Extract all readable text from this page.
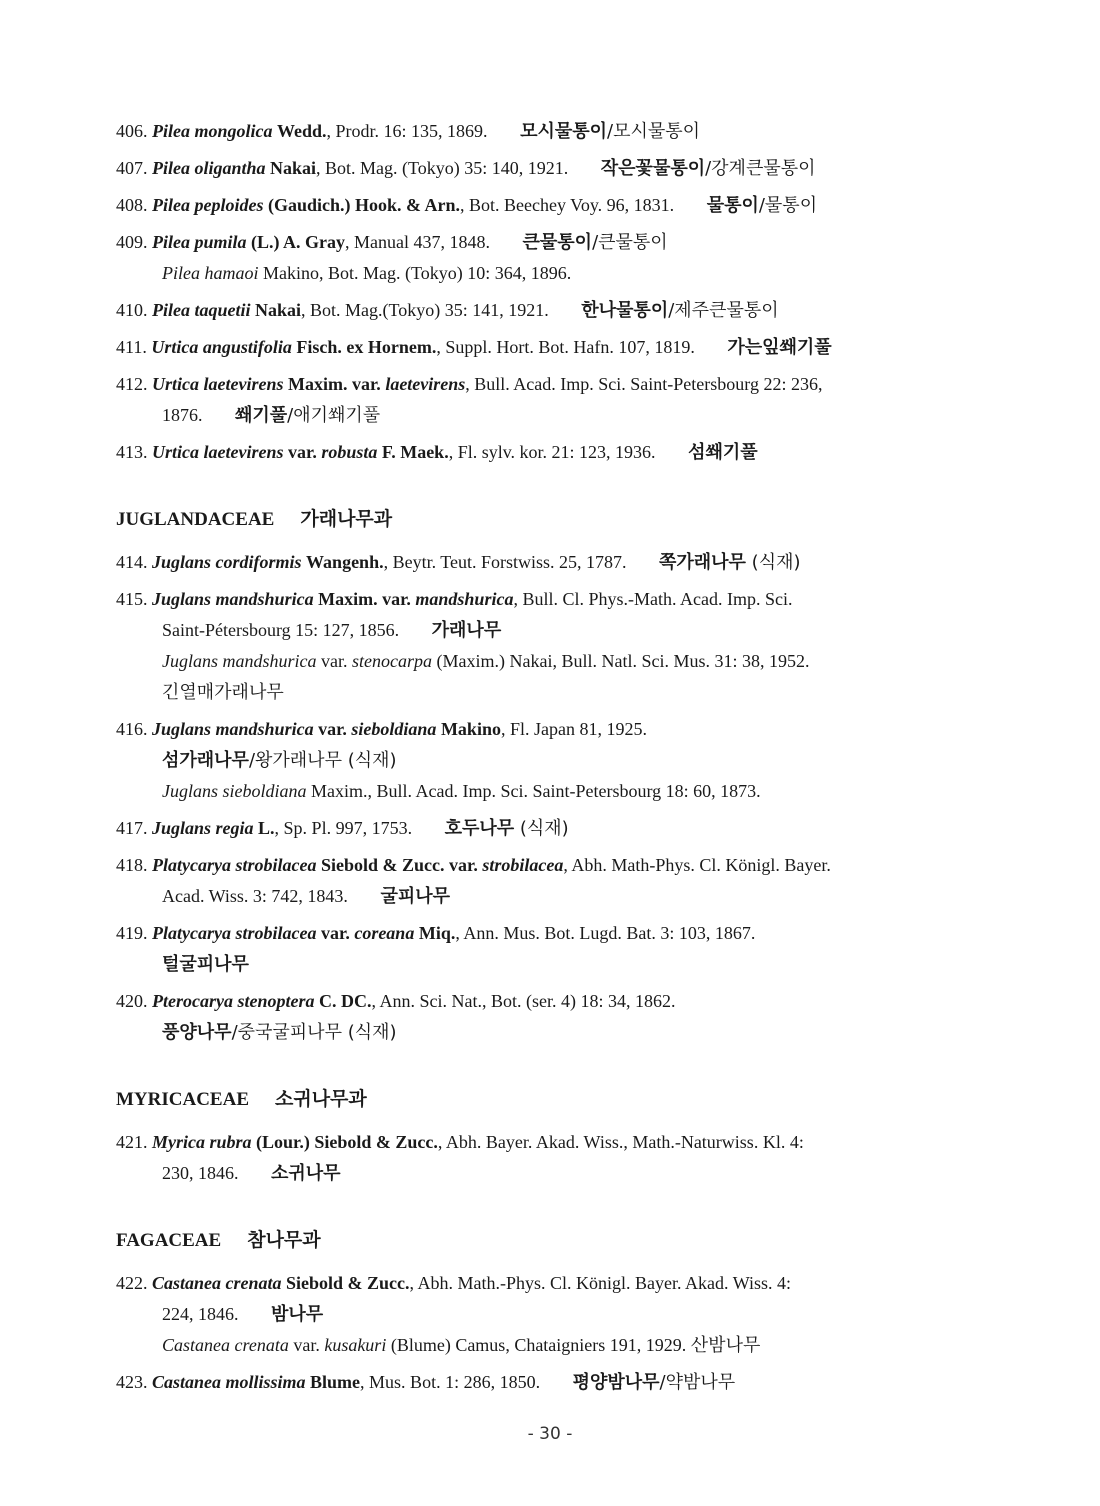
406. Pilea mongolica Wedd., Prodr. 16: 135, 1869. 모시물통이/모시물통이
407. Pilea oligantha Nakai, Bot. Mag. (Tokyo) 35: 140, 1921. 작은꽃물통이/강계큰물통이
408. Pilea peploides (Gaudich.) Hook. & Arn., Bot. Beechey Voy. 96, 1831. 물통이/물통이
409. Pilea pumila (L.) A. Gray, Manual 437, 1848. 큰물통이/큰물통이
Pilea hamaoi Makino, Bot. Mag. (Tokyo) 10: 364, 1896.
410. Pilea taquetii Nakai, Bot. Mag.(Tokyo) 35: 141, 1921. 한나물통이/제주큰물통이
411. Urtica angustifolia Fisch. ex Hornem., Suppl. Hort. Bot. Hafn. 107, 1819. 가는잎쐐기풀
412. Urtica laetevirens Maxim. var. laetevirens, Bull. Acad. Imp. Sci. Saint-Petersbourg 22: 236,
1876. 쐐기풀/애기쐐기풀
413. Urtica laetevirens var. robusta F. Maek., Fl. sylv. kor. 21: 123, 1936. 섬쐐기풀
JUGLANDACEAE 가래나무과
414. Juglans cordiformis Wangenh., Beytr. Teut. Forstwiss. 25, 1787. 쪽가래나무 (식재)
415. Juglans mandshurica Maxim. var. mandshurica, Bull. Cl. Phys.-Math. Acad. Imp. Sci.
Saint-Pétersbourg 15: 127, 1856. 가래나무
Juglans mandshurica var. stenocarpa (Maxim.) Nakai, Bull. Natl. Sci. Mus. 31: 38, 1952.
긴열매가래나무
416. Juglans mandshurica var. sieboldiana Makino, Fl. Japan 81, 1925.
섬가래나무/왕가래나무 (식재)
Juglans sieboldiana Maxim., Bull. Acad. Imp. Sci. Saint-Petersbourg 18: 60, 1873.
417. Juglans regia L., Sp. Pl. 997, 1753. 호두나무 (식재)
418. Platycarya strobilacea Siebold & Zucc. var. strobilacea, Abh. Math-Phys. Cl. Königl. Bayer.
Acad. Wiss. 3: 742, 1843. 굴피나무
419. Platycarya strobilacea var. coreana Miq., Ann. Mus. Bot. Lugd. Bat. 3: 103, 1867.
털굴피나무
420. Pterocarya stenoptera C. DC., Ann. Sci. Nat., Bot. (ser. 4) 18: 34, 1862.
풍양나무/중국굴피나무 (식재)
MYRICACEAE 소귀나무과
421. Myrica rubra (Lour.) Siebold & Zucc., Abh. Bayer. Akad. Wiss., Math.-Naturwiss. Kl. 4:
230, 1846. 소귀나무
FAGACEAE 참나무과
422. Castanea crenata Siebold & Zucc., Abh. Math.-Phys. Cl. Königl. Bayer. Akad. Wiss. 4:
224, 1846. 밤나무
Castanea crenata var. kusakuri (Blume) Camus, Chataigniers 191, 1929. 산밤나무
423. Castanea mollissima Blume, Mus. Bot. 1: 286, 1850. 평양밤나무/약밤나무
- 30 -
